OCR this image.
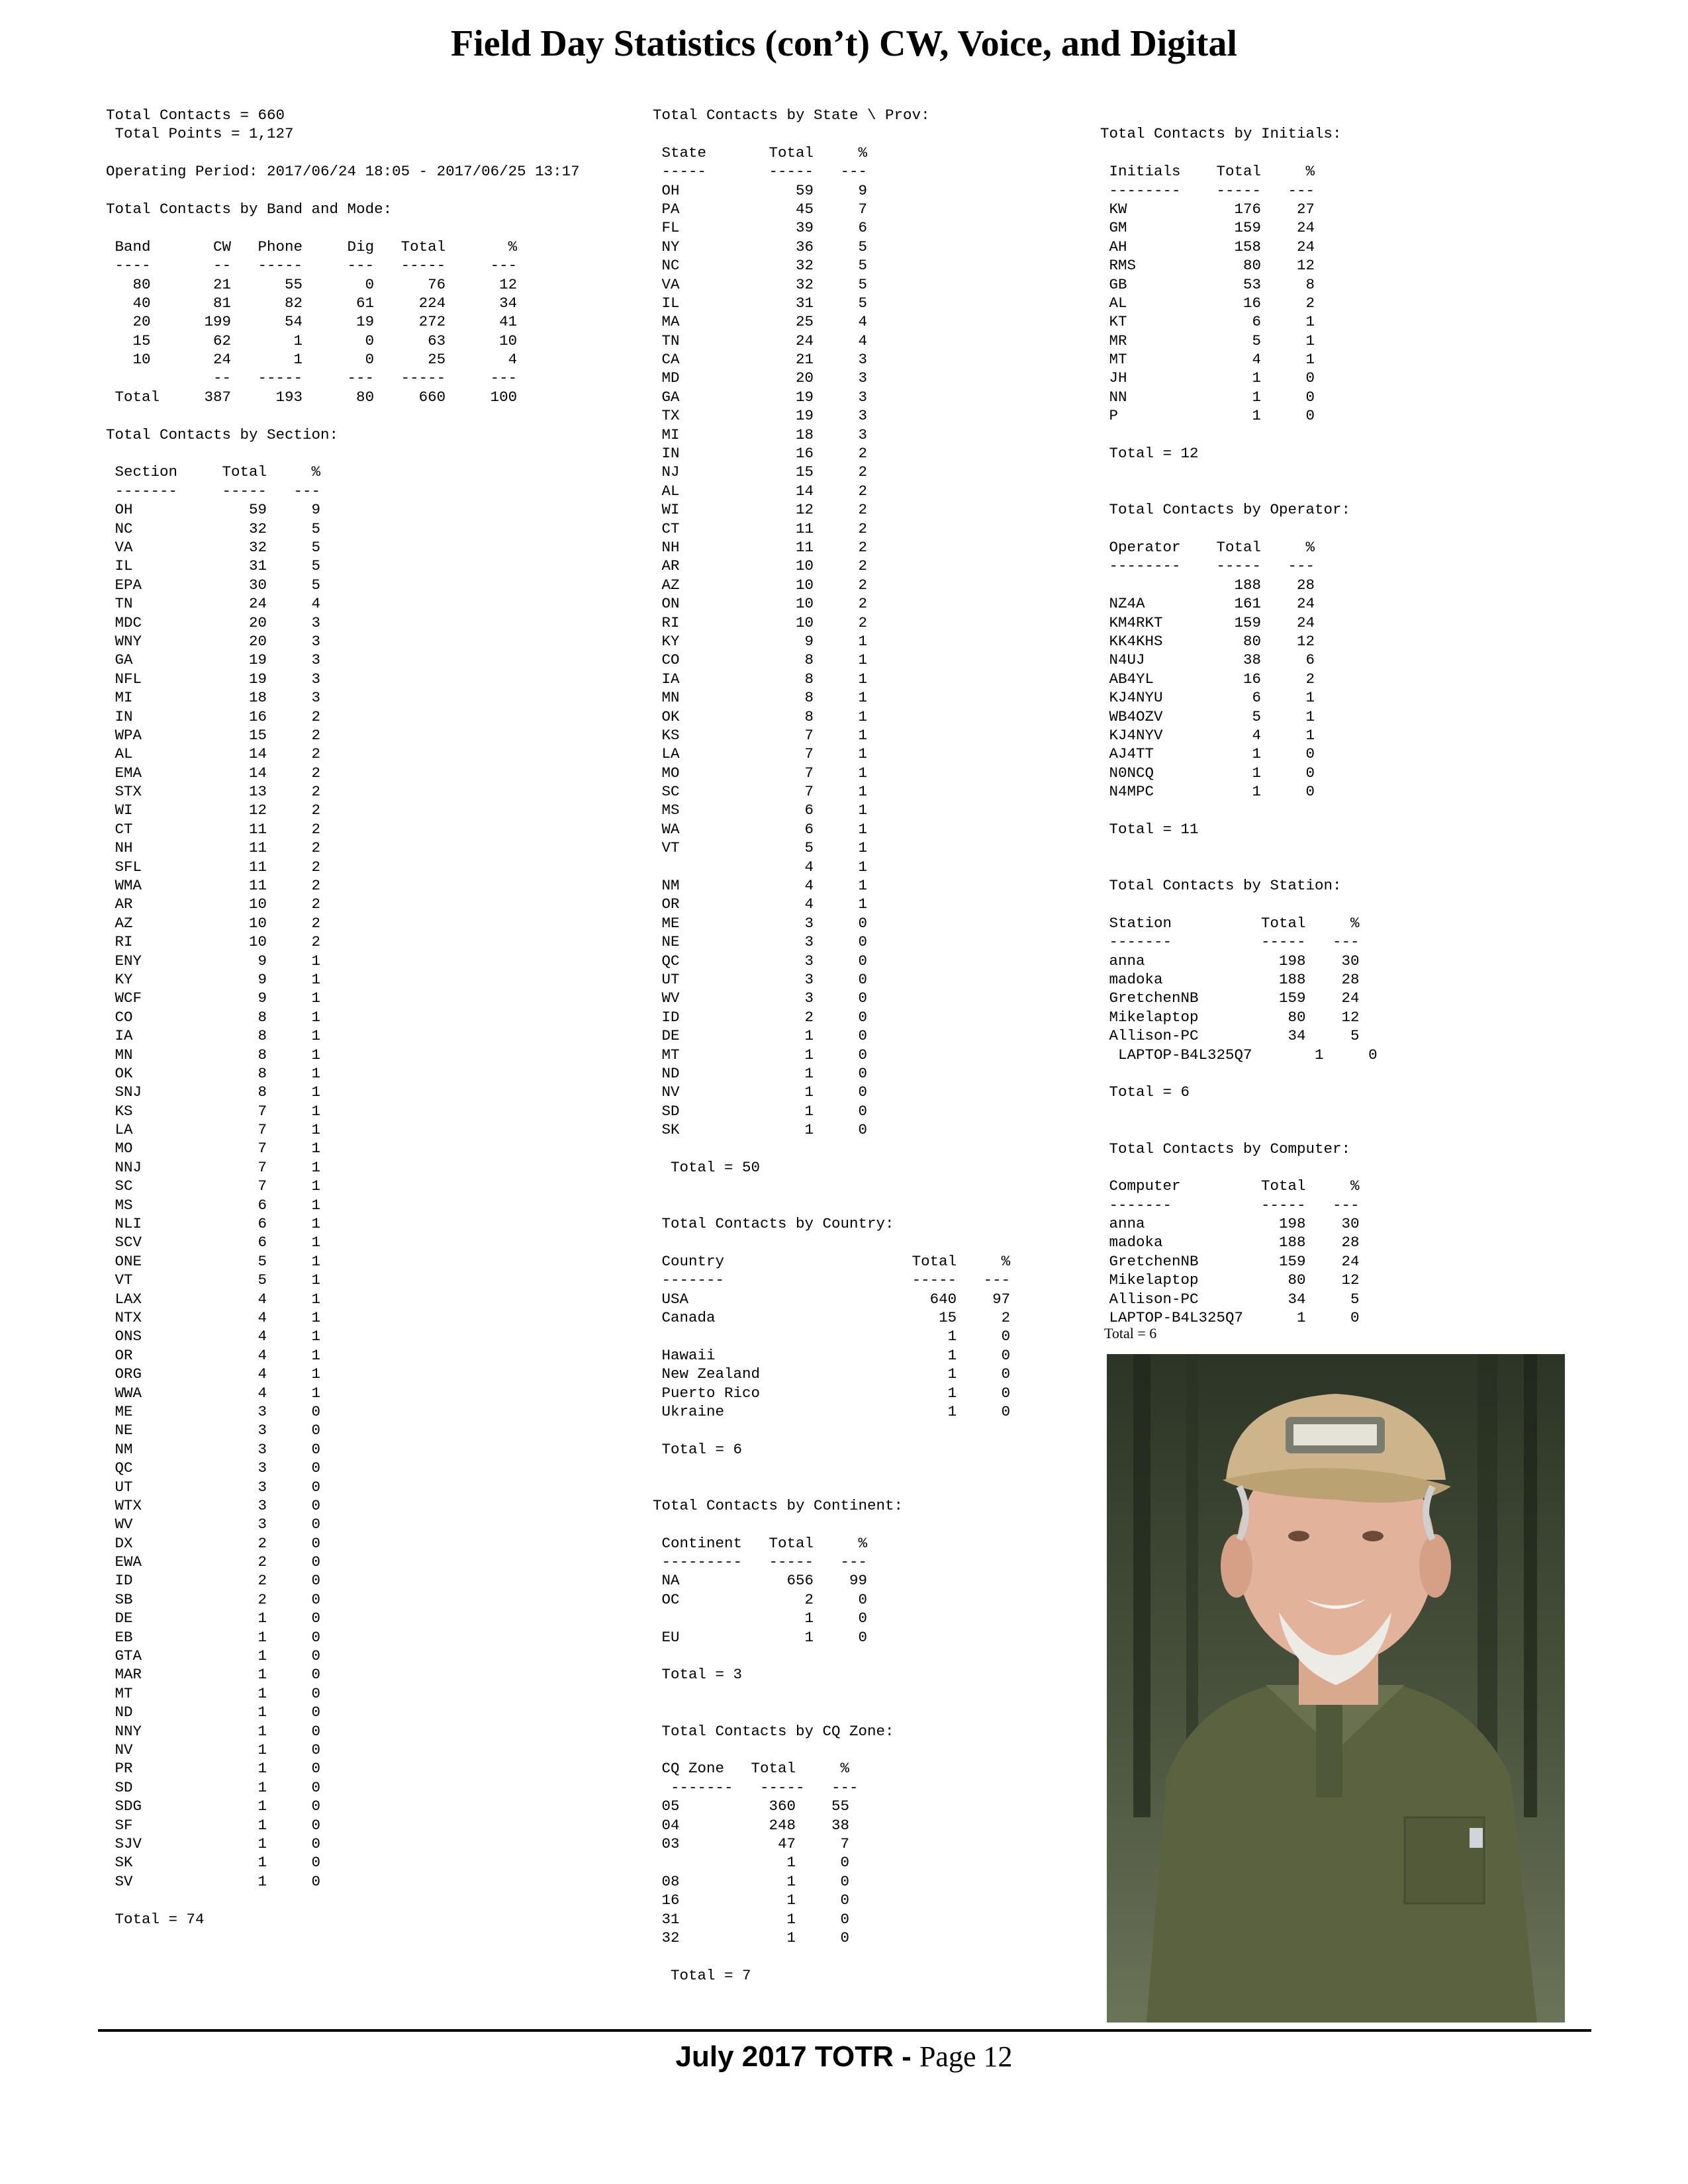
Field Day Statistics (con’t) CW, Voice, and Digital
Total Contacts = 660
Total Points = 1,127
Operating Period: 2017/06/24 18:05 - 2017/06/25 13:17
Total Contacts by Band and Mode:
Band       CW   Phone     Dig   Total       %
----       --   -----     ---   -----     ---
80       21      55       0      76      12
40       81      82      61     224      34
20      199      54      19     272      41
15       62       1       0      63      10
10       24       1       0      25       4
--   -----     ---   -----     ---
Total     387     193      80     660     100
Total Contacts by Section:
Section     Total     %
-------     -----   ---
OH             59     9
NC             32     5
VA             32     5
IL             31     5
EPA            30     5
TN             24     4
MDC            20     3
WNY            20     3
GA             19     3
NFL            19     3
MI             18     3
IN             16     2
WPA            15     2
AL             14     2
EMA            14     2
STX            13     2
WI             12     2
CT             11     2
NH             11     2
SFL            11     2
WMA            11     2
AR             10     2
AZ             10     2
RI             10     2
ENY             9     1
KY              9     1
WCF             9     1
CO              8     1
IA              8     1
MN              8     1
OK              8     1
SNJ             8     1
KS              7     1
LA              7     1
MO              7     1
NNJ             7     1
SC              7     1
MS              6     1
NLI             6     1
SCV             6     1
ONE             5     1
VT              5     1
LAX             4     1
NTX             4     1
ONS             4     1
OR              4     1
ORG             4     1
WWA             4     1
ME              3     0
NE              3     0
NM              3     0
QC              3     0
UT              3     0
WTX             3     0
WV              3     0
DX              2     0
EWA             2     0
ID              2     0
SB              2     0
DE              1     0
EB              1     0
GTA             1     0
MAR             1     0
MT              1     0
ND              1     0
NNY             1     0
NV              1     0
PR              1     0
SD              1     0
SDG             1     0
SF              1     0
SJV             1     0
SK              1     0
SV              1     0
Total = 74
Total Contacts by State \ Prov:
State       Total     %
-----       -----   ---
OH             59     9
PA             45     7
FL             39     6
NY             36     5
NC             32     5
VA             32     5
IL             31     5
MA             25     4
TN             24     4
CA             21     3
MD             20     3
GA             19     3
TX             19     3
MI             18     3
IN             16     2
NJ             15     2
AL             14     2
WI             12     2
CT             11     2
NH             11     2
AR             10     2
AZ             10     2
ON             10     2
RI             10     2
KY              9     1
CO              8     1
IA              8     1
MN              8     1
OK              8     1
KS              7     1
LA              7     1
MO              7     1
SC              7     1
MS              6     1
WA              6     1
VT              5     1
4     1
NM              4     1
OR              4     1
ME              3     0
NE              3     0
QC              3     0
UT              3     0
WV              3     0
ID              2     0
DE              1     0
MT              1     0
ND              1     0
NV              1     0
SD              1     0
SK              1     0
Total = 50
Total Contacts by Country:
Country                     Total     %
-------                     -----   ---
USA                           640    97
Canada                         15     2
1     0
Hawaii                          1     0
New Zealand                     1     0
Puerto Rico                     1     0
Ukraine                         1     0
Total = 6
Total Contacts by Continent:
Continent   Total     %
---------   -----   ---
NA            656    99
OC              2     0
1     0
EU              1     0
Total = 3
Total Contacts by CQ Zone:
CQ Zone   Total     %
-------   -----   ---
05          360    55
04          248    38
03           47     7
1     0
08            1     0
16            1     0
31            1     0
32            1     0
Total = 7

Total Contacts by Initials:
Initials    Total     %
--------    -----   ---
KW            176    27
GM            159    24
AH            158    24
RMS            80    12
GB             53     8
AL             16     2
KT              6     1
MR              5     1
MT              4     1
JH              1     0
NN              1     0
P               1     0
Total = 12
Total Contacts by Operator:
Operator    Total     %
--------    -----   ---
188    28
NZ4A          161    24
KM4RKT        159    24
KK4KHS         80    12
N4UJ           38     6
AB4YL          16     2
KJ4NYU          6     1
WB4OZV          5     1
KJ4NYV          4     1
AJ4TT           1     0
N0NCQ           1     0
N4MPC           1     0
Total = 11
Total Contacts by Station:
Station          Total     %
-------          -----   ---
anna               198    30
madoka             188    28
GretchenNB         159    24
Mikelaptop          80    12
Allison-PC          34     5
LAPTOP-B4L325Q7       1     0
Total = 6
Total Contacts by Computer:
Computer         Total     %
-------          -----   ---
anna               198    30
madoka             188    28
GretchenNB         159    24
Mikelaptop          80    12
Allison-PC          34     5
LAPTOP-B4L325Q7      1     0
Total = 6
July 2017 TOTR - Page 12
